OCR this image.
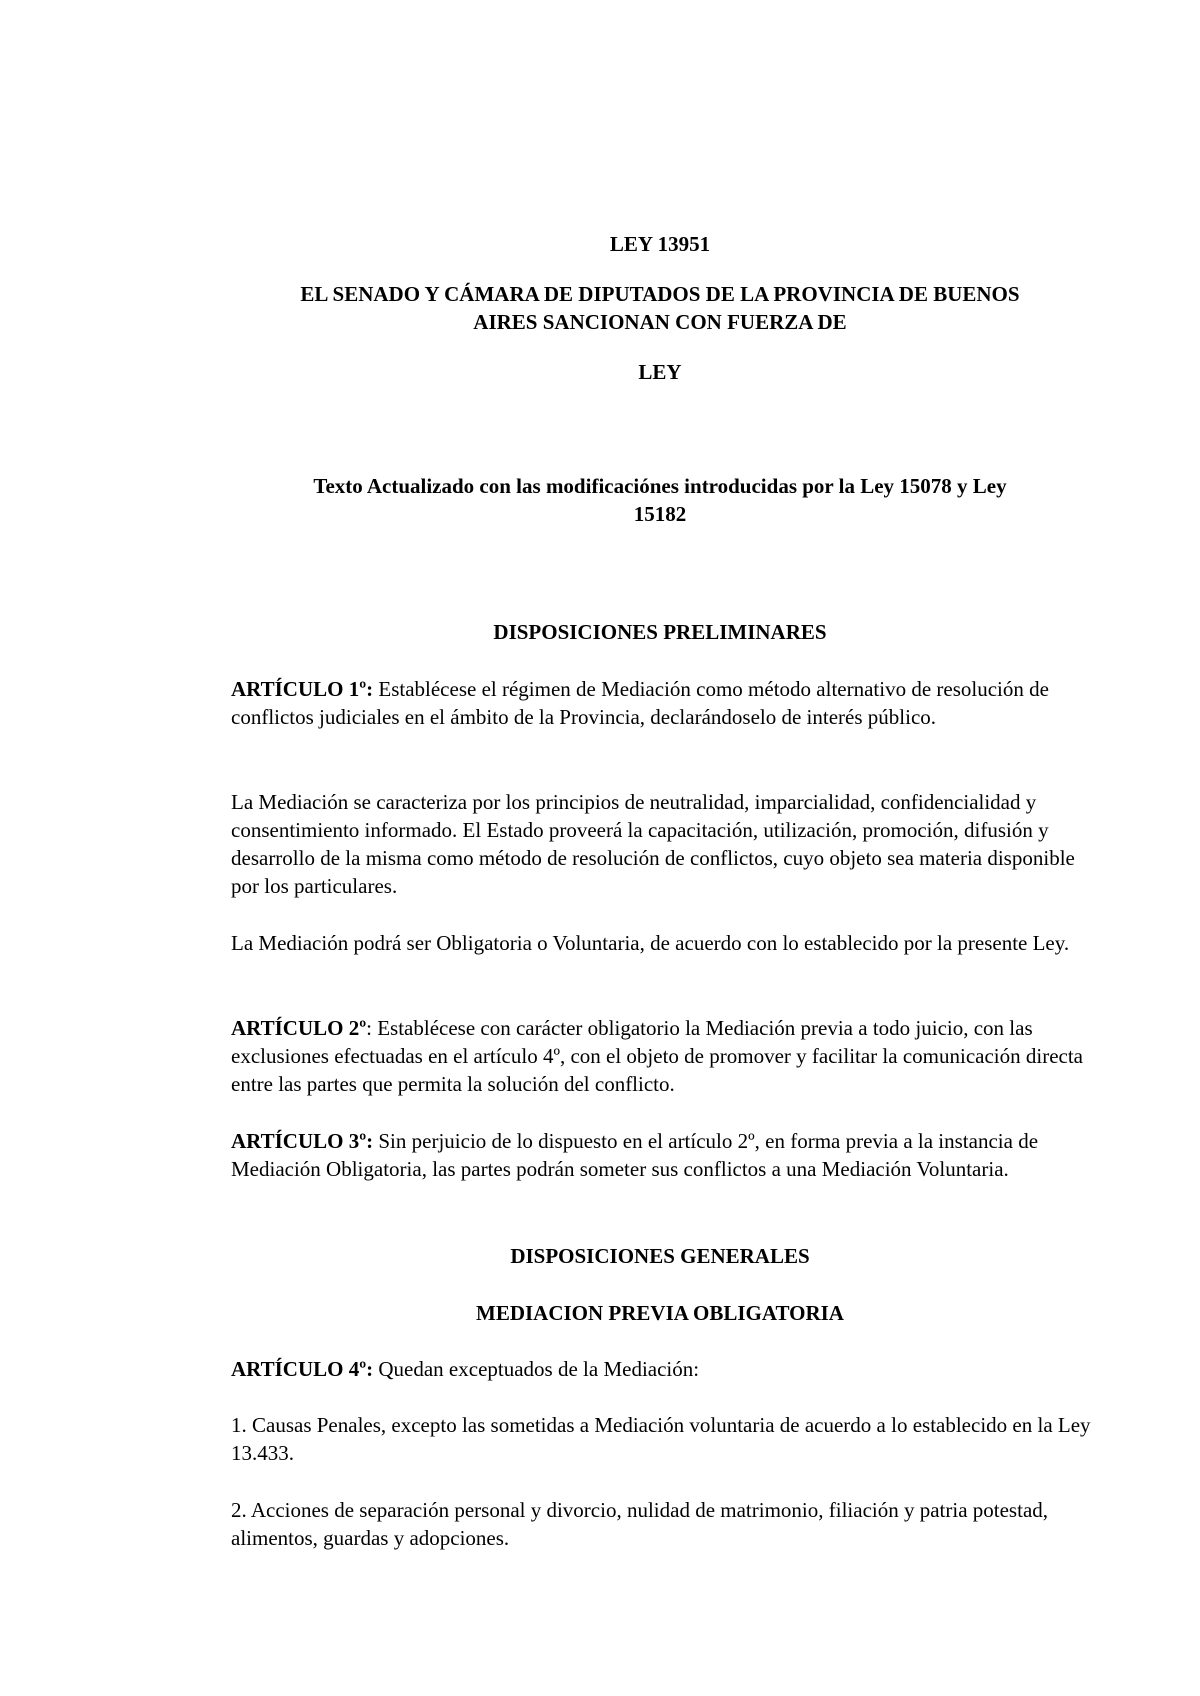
LEY 13951
EL SENADO Y CÁMARA DE DIPUTADOS DE LA PROVINCIA DE BUENOS
AIRES SANCIONAN CON FUERZA DE
LEY
Texto Actualizado con las modificaciónes introducidas por la Ley 15078 y Ley
15182
DISPOSICIONES PRELIMINARES
ARTÍCULO 1º: Establécese el régimen de Mediación como método alternativo de resolución de conflictos judiciales en el ámbito de la Provincia, declarándoselo de interés público.
La Mediación se caracteriza por los principios de neutralidad, imparcialidad, confidencialidad y consentimiento informado. El Estado proveerá la capacitación, utilización, promoción, difusión y desarrollo de la misma como método de resolución de conflictos, cuyo objeto sea materia disponible por los particulares.
La Mediación podrá ser Obligatoria o Voluntaria, de acuerdo con lo establecido por la presente Ley.
ARTÍCULO 2º: Establécese con carácter obligatorio la Mediación previa a todo juicio, con las exclusiones efectuadas en el artículo 4º, con el objeto de promover y facilitar la comunicación directa entre las partes que permita la solución del conflicto.
ARTÍCULO 3º: Sin perjuicio de lo dispuesto en el artículo 2º, en forma previa a la instancia de Mediación Obligatoria, las partes podrán someter sus conflictos a una Mediación Voluntaria.
DISPOSICIONES GENERALES
MEDIACION PREVIA OBLIGATORIA
ARTÍCULO 4º: Quedan exceptuados de la Mediación:
1. Causas Penales, excepto las sometidas a Mediación voluntaria de acuerdo a lo establecido en la Ley 13.433.
2. Acciones de separación personal y divorcio, nulidad de matrimonio, filiación y patria potestad, alimentos, guardas y adopciones.
